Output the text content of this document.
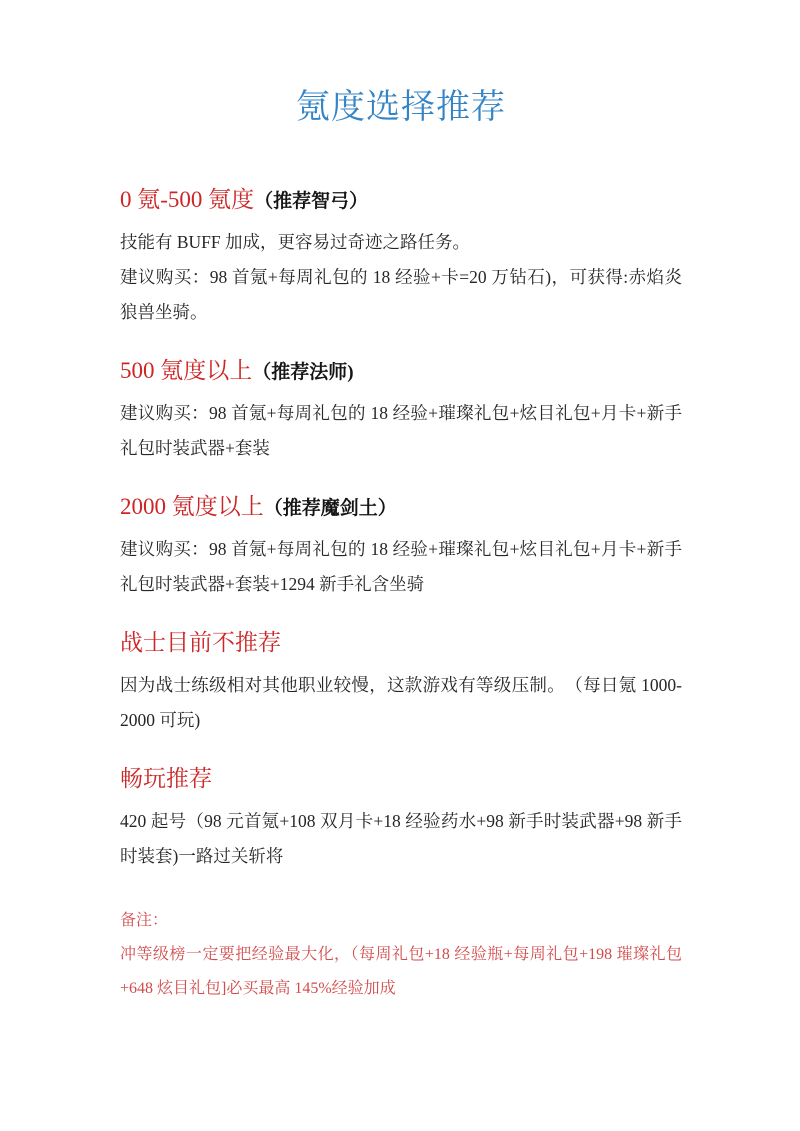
氪度选择推荐
0 氪-500 氪度（推荐智弓）

技能有 BUFF 加成，更容易过奇迹之路任务。

建议购买：98 首氪+每周礼包的 18 经验+卡=20 万钻石)，可获得:赤焰炎狼兽坐骑。

500 氪度以上（推荐法师)

建议购买：98 首氪+每周礼包的 18 经验+璀璨礼包+炫目礼包+月卡+新手礼包时装武器+套装

2000 氪度以上（推荐魔剑土）

建议购买：98 首氪+每周礼包的 18 经验+璀璨礼包+炫目礼包+月卡+新手礼包时装武器+套装+1294 新手礼含坐骑

战士目前不推荐

因为战士练级相对其他职业较慢，这款游戏有等级压制。　（每日氪 1000-2000 可玩)

畅玩推荐

420 起号（98 元首氪+108 双月卡+18 经验药水+98 新手时装武器+98 新手时装套)一路过关斩将

备注：
冲等级榜一定要把经验最大化，（每周礼包+18 经验瓶+每周礼包+198 璀璨礼包+648 炫目礼包]必买最高 145%经验加成
